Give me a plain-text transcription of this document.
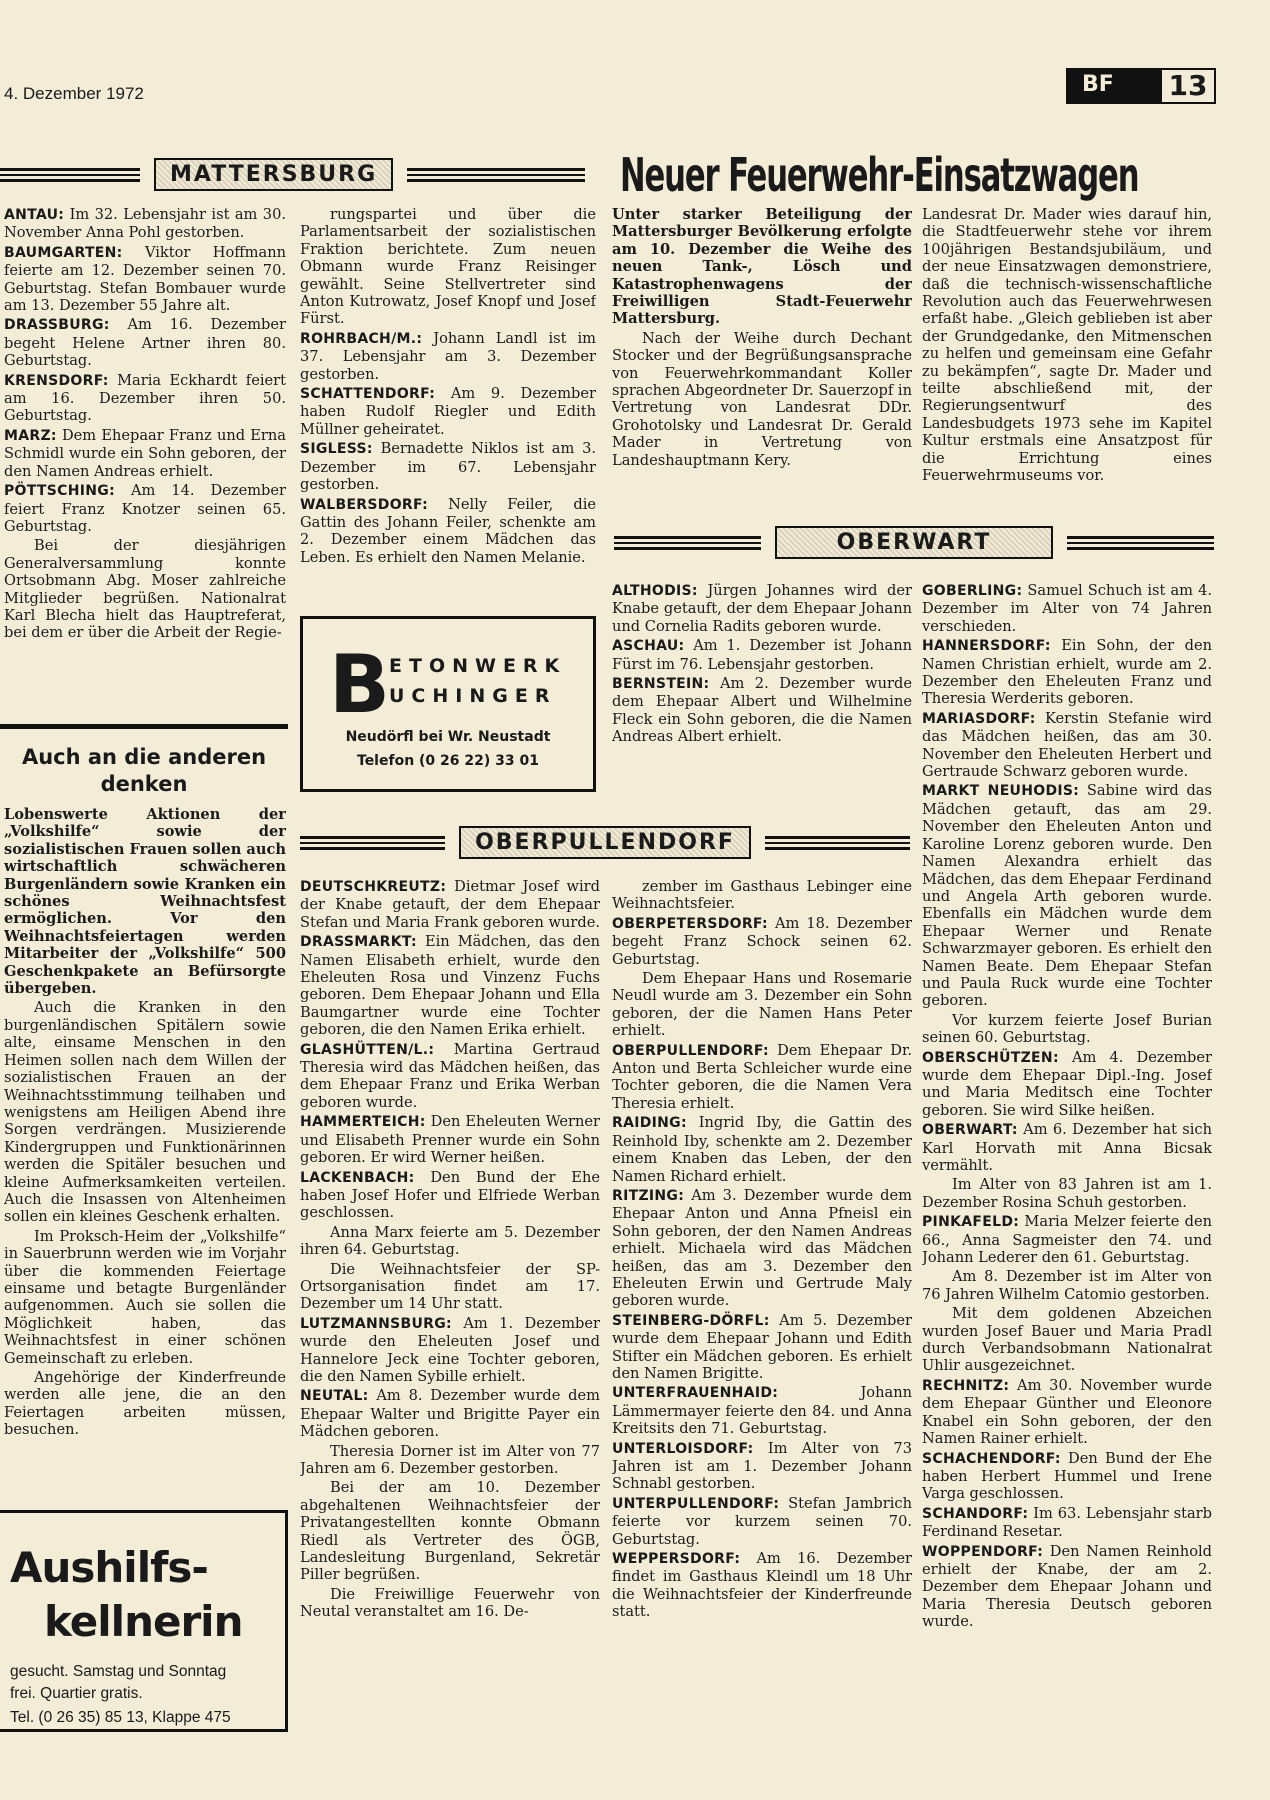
4. Dezember 1972	BF	13
MATTERSBURG

ANTAU: Im 32. Lebensjahr ist am 30. November Anna Pohl gestorben.

BAUMGARTEN: Viktor Hoffmann feierte am 12. Dezember seinen 70. Geburtstag. Stefan Bombauer wurde am 13. Dezember 55 Jahre alt.

DRASSBURG: Am 16. Dezember begeht Helene Artner ihren 80. Geburtstag.

KRENSDORF: Maria Eckhardt feiert am 16. Dezember ihren 50. Geburtstag.

MARZ: Dem Ehepaar Franz und Erna Schmidl wurde ein Sohn geboren, der den Namen Andreas erhielt.

PÖTTSCHING: Am 14. Dezember feiert Franz Knotzer seinen 65. Geburtstag.

Bei der diesjährigen Generalversammlung konnte Ortsobmann Abg. Moser zahlreiche Mitglieder begrüßen. Nationalrat Karl Blecha hielt das Hauptreferat, bei dem er über die Arbeit der Regie-

rungspartei und über die Parlamentsarbeit der sozialistischen Fraktion berichtete. Zum neuen Obmann wurde Franz Reisinger gewählt. Seine Stellvertreter sind Anton Kutrowatz, Josef Knopf und Josef Fürst.

ROHRBACH/M.: Johann Landl ist im 37. Lebensjahr am 3. Dezember gestorben.

SCHATTENDORF: Am 9. Dezember haben Rudolf Riegler und Edith Müllner geheiratet.

SIGLESS: Bernadette Niklos ist am 3. Dezember im 67. Lebensjahr gestorben.

WALBERSDORF: Nelly Feiler, die Gattin des Johann Feiler, schenkte am 2. Dezember einem Mädchen das Leben. Es erhielt den Namen Melanie.

B ETONWERK
UCHINGER
Neudörfl bei Wr. Neustadt
Telefon (0 26 22) 33 01
Auch an die anderen denken

Lobenswerte Aktionen der „Volkshilfe“ sowie der sozialistischen Frauen sollen auch wirtschaftlich schwächeren Burgenländern sowie Kranken ein schönes Weihnachtsfest ermöglichen. Vor den Weihnachtsfeiertagen werden Mitarbeiter der „Volkshilfe“ 500 Geschenkpakete an Befürsorgte übergeben.

Auch die Kranken in den burgenländischen Spitälern sowie alte, einsame Menschen in den Heimen sollen nach dem Willen der sozialistischen Frauen an der Weihnachtsstimmung teilhaben und wenigstens am Heiligen Abend ihre Sorgen verdrängen. Musizierende Kindergruppen und Funktionärinnen werden die Spitäler besuchen und kleine Aufmerksamkeiten verteilen. Auch die Insassen von Altenheimen sollen ein kleines Geschenk erhalten.

Im Proksch-Heim der „Volkshilfe“ in Sauerbrunn werden wie im Vorjahr über die kommenden Feiertage einsame und betagte Burgenländer aufgenommen. Auch sie sollen die Möglichkeit haben, das Weihnachtsfest in einer schönen Gemeinschaft zu erleben.

Angehörige der Kinderfreunde werden alle jene, die an den Feiertagen arbeiten müssen, besuchen.

Aushilfs-
kellnerin
gesucht. Samstag und Sonntag
frei. Quartier gratis.
Tel. (0 26 35) 85 13, Klappe 475
Neuer Feuerwehr-Einsatzwagen

Unter starker Beteiligung der Mattersburger Bevölkerung erfolgte am 10. Dezember die Weihe des neuen Tank-, Lösch und Katastrophenwagens der Freiwilligen Stadt-Feuerwehr Mattersburg.

Nach der Weihe durch Dechant Stocker und der Begrüßungsansprache von Feuerwehrkommandant Koller sprachen Abgeordneter Dr. Sauerzopf in Vertretung von Landesrat DDr. Grohotolsky und Landesrat Dr. Gerald Mader in Vertretung von Landeshauptmann Kery.

Landesrat Dr. Mader wies darauf hin, die Stadtfeuerwehr stehe vor ihrem 100jährigen Bestandsjubiläum, und der neue Einsatzwagen demonstriere, daß die technisch-wissenschaftliche Revolution auch das Feuerwehrwesen erfaßt habe. „Gleich geblieben ist aber der Grundgedanke, den Mitmenschen zu helfen und gemeinsam eine Gefahr zu bekämpfen“, sagte Dr. Mader und teilte abschließend mit, der Regierungsentwurf des Landesbudgets 1973 sehe im Kapitel Kultur erstmals eine Ansatzpost für die Errichtung eines Feuerwehrmuseums vor.

OBERWART

ALTHODIS: Jürgen Johannes wird der Knabe getauft, der dem Ehepaar Johann und Cornelia Radits geboren wurde.

ASCHAU: Am 1. Dezember ist Johann Fürst im 76. Lebensjahr gestorben.

BERNSTEIN: Am 2. Dezember wurde dem Ehepaar Albert und Wilhelmine Fleck ein Sohn geboren, die die Namen Andreas Albert erhielt.

GOBERLING: Samuel Schuch ist am 4. Dezember im Alter von 74 Jahren verschieden.

HANNERSDORF: Ein Sohn, der den Namen Christian erhielt, wurde am 2. Dezember den Eheleuten Franz und Theresia Werderits geboren.

MARIASDORF: Kerstin Stefanie wird das Mädchen heißen, das am 30. November den Eheleuten Herbert und Gertraude Schwarz geboren wurde.

MARKT NEUHODIS: Sabine wird das Mädchen getauft, das am 29. November den Eheleuten Anton und Karoline Lorenz geboren wurde. Den Namen Alexandra erhielt das Mädchen, das dem Ehepaar Ferdinand und Angela Arth geboren wurde. Ebenfalls ein Mädchen wurde dem Ehepaar Werner und Renate Schwarzmayer geboren. Es erhielt den Namen Beate. Dem Ehepaar Stefan und Paula Ruck wurde eine Tochter geboren.

Vor kurzem feierte Josef Burian seinen 60. Geburtstag.

OBERSCHÜTZEN: Am 4. Dezember wurde dem Ehepaar Dipl.-Ing. Josef und Maria Meditsch eine Tochter geboren. Sie wird Silke heißen.

OBERWART: Am 6. Dezember hat sich Karl Horvath mit Anna Bicsak vermählt.

Im Alter von 83 Jahren ist am 1. Dezember Rosina Schuh gestorben.

PINKAFELD: Maria Melzer feierte den 66., Anna Sagmeister den 74. und Johann Lederer den 61. Geburtstag.

Am 8. Dezember ist im Alter von 76 Jahren Wilhelm Catomio gestorben.

Mit dem goldenen Abzeichen wurden Josef Bauer und Maria Pradl durch Verbandsobmann Nationalrat Uhlir ausgezeichnet.

RECHNITZ: Am 30. November wurde dem Ehepaar Günther und Eleonore Knabel ein Sohn geboren, der den Namen Rainer erhielt.

SCHACHENDORF: Den Bund der Ehe haben Herbert Hummel und Irene Varga geschlossen.

SCHANDORF: Im 63. Lebensjahr starb Ferdinand Resetar.

WOPPENDORF: Den Namen Reinhold erhielt der Knabe, der am 2. Dezember dem Ehepaar Johann und Maria Theresia Deutsch geboren wurde.

OBERPULLENDORF

DEUTSCHKREUTZ: Dietmar Josef wird der Knabe getauft, der dem Ehepaar Stefan und Maria Frank geboren wurde.

DRASSMARKT: Ein Mädchen, das den Namen Elisabeth erhielt, wurde den Eheleuten Rosa und Vinzenz Fuchs geboren. Dem Ehepaar Johann und Ella Baumgartner wurde eine Tochter geboren, die den Namen Erika erhielt.

GLASHÜTTEN/L.: Martina Gertraud Theresia wird das Mädchen heißen, das dem Ehepaar Franz und Erika Werban geboren wurde.

HAMMERTEICH: Den Eheleuten Werner und Elisabeth Prenner wurde ein Sohn geboren. Er wird Werner heißen.

LACKENBACH: Den Bund der Ehe haben Josef Hofer und Elfriede Werban geschlossen.

Anna Marx feierte am 5. Dezember ihren 64. Geburtstag.

Die Weihnachtsfeier der SP-Ortsorganisation findet am 17. Dezember um 14 Uhr statt.

LUTZMANNSBURG: Am 1. Dezember wurde den Eheleuten Josef und Hannelore Jeck eine Tochter geboren, die den Namen Sybille erhielt.

NEUTAL: Am 8. Dezember wurde dem Ehepaar Walter und Brigitte Payer ein Mädchen geboren.

Theresia Dorner ist im Alter von 77 Jahren am 6. Dezember gestorben.

Bei der am 10. Dezember abgehaltenen Weihnachtsfeier der Privatangestellten konnte Obmann Riedl als Vertreter des ÖGB, Landesleitung Burgenland, Sekretär Piller begrüßen.

Die Freiwillige Feuerwehr von Neutal veranstaltet am 16. De-

zember im Gasthaus Lebinger eine Weihnachtsfeier.

OBERPETERSDORF: Am 18. Dezember begeht Franz Schock seinen 62. Geburtstag.

Dem Ehepaar Hans und Rosemarie Neudl wurde am 3. Dezember ein Sohn geboren, der die Namen Hans Peter erhielt.

OBERPULLENDORF: Dem Ehepaar Dr. Anton und Berta Schleicher wurde eine Tochter geboren, die die Namen Vera Theresia erhielt.

RAIDING: Ingrid Iby, die Gattin des Reinhold Iby, schenkte am 2. Dezember einem Knaben das Leben, der den Namen Richard erhielt.

RITZING: Am 3. Dezember wurde dem Ehepaar Anton und Anna Pfneisl ein Sohn geboren, der den Namen Andreas erhielt. Michaela wird das Mädchen heißen, das am 3. Dezember den Eheleuten Erwin und Gertrude Maly geboren wurde.

STEINBERG-DÖRFL: Am 5. Dezember wurde dem Ehepaar Johann und Edith Stifter ein Mädchen geboren. Es erhielt den Namen Brigitte.

UNTERFRAUENHAID:	Johann Lämmermayer feierte den 84. und Anna Kreitsits den 71. Geburtstag.

UNTERLOISDORF: Im Alter von 73 Jahren ist am 1. Dezember Johann Schnabl gestorben.

UNTERPULLENDORF: Stefan Jambrich feierte vor kurzem seinen 70. Geburtstag.

WEPPERSDORF: Am 16. Dezember findet im Gasthaus Kleindl um 18 Uhr die Weihnachtsfeier der Kinderfreunde statt.
